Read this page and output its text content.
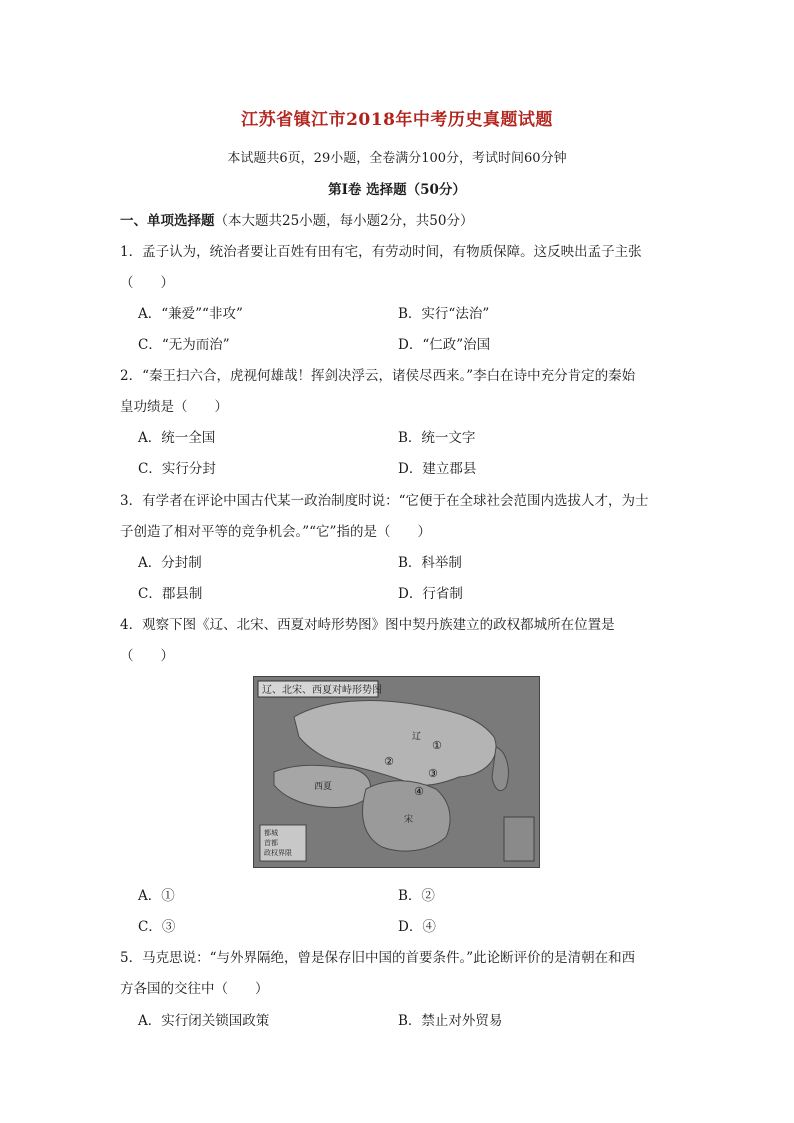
江苏省镇江市2018年中考历史真题试题
本试题共6页，29小题，全卷满分100分，考试时间60分钟
第Ⅰ卷 选择题（50分）
一、单项选择题（本大题共25小题，每小题2分，共50分）
1．孟子认为，统治者要让百姓有田有宅，有劳动时间，有物质保障。这反映出孟子主张
（　　）
A．“兼爱”“非攻”	B．实行“法治”
C．“无为而治”	D．“仁政”治国
2．“秦王扫六合，虎视何雄哉！挥剑决浮云，诸侯尽西来。”李白在诗中充分肯定的秦始
皇功绩是（　　）
A．统一全国	B．统一文字
C．实行分封	D．建立郡县
3．有学者在评论中国古代某一政治制度时说：“它便于在全球社会范围内选拔人才，为士
子创造了相对平等的竞争机会。”“它”指的是（　　）
A．分封制	B．科举制
C．郡县制	D．行省制
4．观察下图《辽、北宋、西夏对峙形势图》图中契丹族建立的政权都城所在位置是
（　　）
辽、北宋、西夏对峙形势图
辽
西夏
宋
①
②
③
④
都城
首都
政权界限
A．①	B．②
C．③	D．④
5．马克思说：“与外界隔绝，曾是保存旧中国的首要条件。”此论断评价的是清朝在和西
方各国的交往中（　　）
A．实行闭关锁国政策	B．禁止对外贸易
